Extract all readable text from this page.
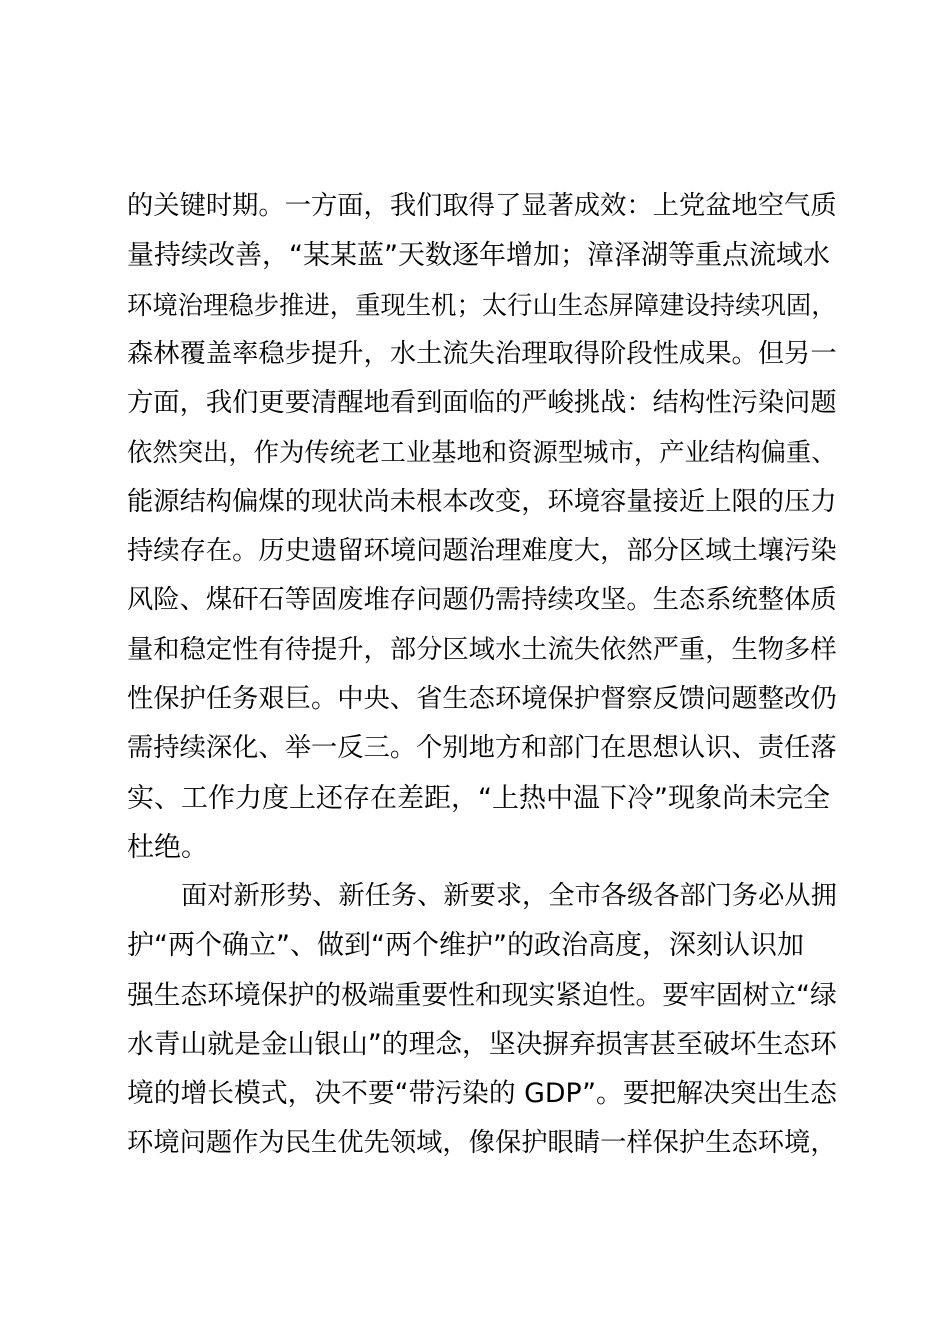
的关键时期。一方面，我们取得了显著成效：上党盆地空气质
量持续改善，“某某蓝”天数逐年增加；漳泽湖等重点流域水
环境治理稳步推进，重现生机；太行山生态屏障建设持续巩固，
森林覆盖率稳步提升，水土流失治理取得阶段性成果。但另一
方面，我们更要清醒地看到面临的严峻挑战：结构性污染问题
依然突出，作为传统老工业基地和资源型城市，产业结构偏重、
能源结构偏煤的现状尚未根本改变，环境容量接近上限的压力
持续存在。历史遗留环境问题治理难度大，部分区域土壤污染
风险、煤矸石等固废堆存问题仍需持续攻坚。生态系统整体质
量和稳定性有待提升，部分区域水土流失依然严重，生物多样
性保护任务艰巨。中央、省生态环境保护督察反馈问题整改仍
需持续深化、举一反三。个别地方和部门在思想认识、责任落
实、工作力度上还存在差距，“上热中温下冷”现象尚未完全
杜绝。
面对新形势、新任务、新要求，全市各级各部门务必从拥
护“两个确立”、做到“两个维护”的政治高度，深刻认识加
强生态环境保护的极端重要性和现实紧迫性。要牢固树立“绿
水青山就是金山银山”的理念，坚决摒弃损害甚至破坏生态环
境的增长模式，决不要“带污染的 GDP”。要把解决突出生态
环境问题作为民生优先领域，像保护眼睛一样保护生态环境，
